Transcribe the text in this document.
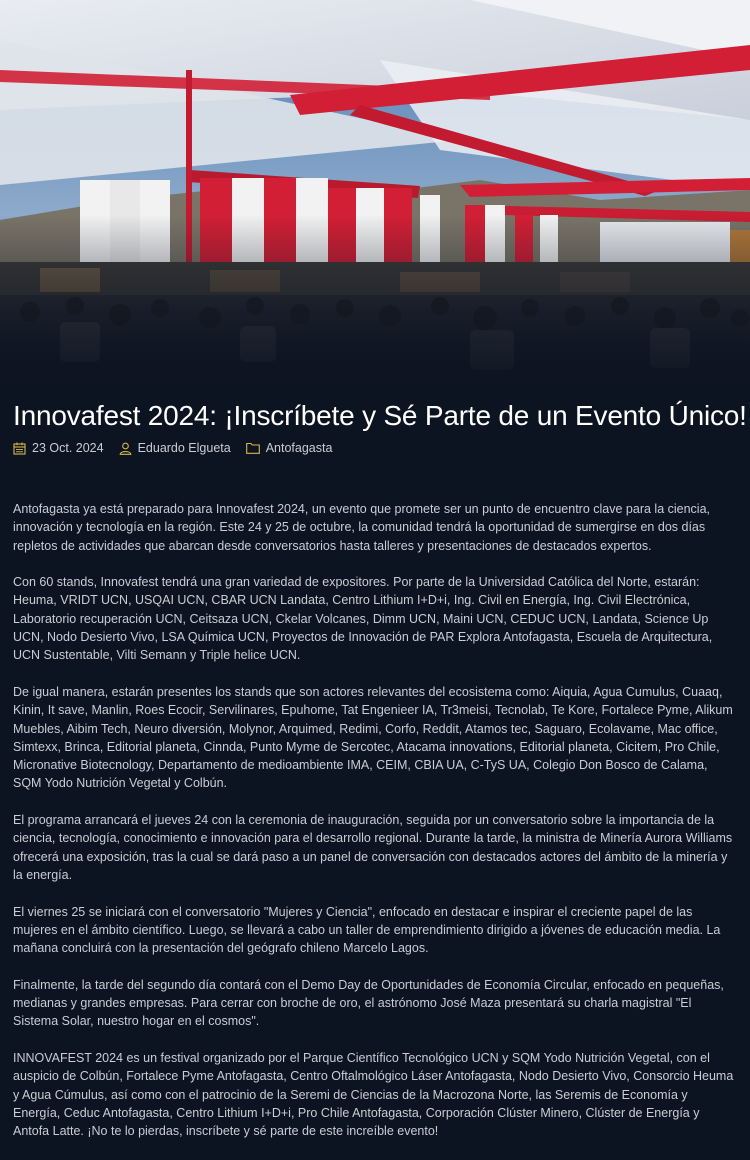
Innovafest 2024: ¡Inscríbete y Sé Parte de un Evento Único!
23 Oct. 2024	Eduardo Elgueta	Antofagasta

Antofagasta ya está preparado para Innovafest 2024, un evento que promete ser un punto de encuentro clave para la ciencia, innovación y tecnología en la región. Este 24 y 25 de octubre, la comunidad tendrá la oportunidad de sumergirse en dos días repletos de actividades que abarcan desde conversatorios hasta talleres y presentaciones de destacados expertos.

Con 60 stands, Innovafest tendrá una gran variedad de expositores. Por parte de la Universidad Católica del Norte, estarán: Heuma, VRIDT UCN, USQAI UCN, CBAR UCN Landata, Centro Lithium I+D+i, Ing. Civil en Energía, Ing. Civil Electrónica, Laboratorio recuperación UCN, Ceitsaza UCN, Ckelar Volcanes, Dimm UCN, Maini UCN, CEDUC UCN, Landata, Science Up UCN, Nodo Desierto Vivo, LSA Química UCN, Proyectos de Innovación de PAR Explora Antofagasta, Escuela de Arquitectura, UCN Sustentable, Vilti Semann y Triple helice UCN.

De igual manera, estarán presentes los stands que son actores relevantes del ecosistema como: Aiquia, Agua Cumulus, Cuaaq, Kinin, It save, Manlin, Roes Ecocir, Servilinares, Epuhome, Tat Engenieer IA, Tr3meisi, Tecnolab, Te Kore, Fortalece Pyme, Alikum Muebles, Aibim Tech, Neuro diversión, Molynor, Arquimed, Redimi, Corfo, Reddit, Atamos tec, Saguaro, Ecolavame, Mac office, Simtexx, Brinca, Editorial planeta, Cinnda, Punto Myme de Sercotec, Atacama innovations, Editorial planeta, Cicitem, Pro Chile, Micronative Biotecnology, Departamento de medioambiente IMA, CEIM, CBIA UA, C-TyS UA, Colegio Don Bosco de Calama, SQM Yodo Nutrición Vegetal y Colbún.

El programa arrancará el jueves 24 con la ceremonia de inauguración, seguida por un conversatorio sobre la importancia de la ciencia, tecnología, conocimiento e innovación para el desarrollo regional. Durante la tarde, la ministra de Minería Aurora Williams ofrecerá una exposición, tras la cual se dará paso a un panel de conversación con destacados actores del ámbito de la minería y la energía.

El viernes 25 se iniciará con el conversatorio "Mujeres y Ciencia", enfocado en destacar e inspirar el creciente papel de las mujeres en el ámbito científico. Luego, se llevará a cabo un taller de emprendimiento dirigido a jóvenes de educación media. La mañana concluirá con la presentación del geógrafo chileno Marcelo Lagos.

Finalmente, la tarde del segundo día contará con el Demo Day de Oportunidades de Economía Circular, enfocado en pequeñas, medianas y grandes empresas. Para cerrar con broche de oro, el astrónomo José Maza presentará su charla magistral "El Sistema Solar, nuestro hogar en el cosmos".

INNOVAFEST 2024 es un festival organizado por el Parque Científico Tecnológico UCN y SQM Yodo Nutrición Vegetal, con el auspicio de Colbún, Fortalece Pyme Antofagasta, Centro Oftalmológico Láser Antofagasta, Nodo Desierto Vivo, Consorcio Heuma y Agua Cúmulus, así como con el patrocinio de la Seremi de Ciencias de la Macrozona Norte, las Seremis de Economía y Energía, Ceduc Antofagasta, Centro Lithium I+D+i, Pro Chile Antofagasta, Corporación Clúster Minero, Clúster de Energía y Antofa Latte. ¡No te lo pierdas, inscríbete y sé parte de este increíble evento!
